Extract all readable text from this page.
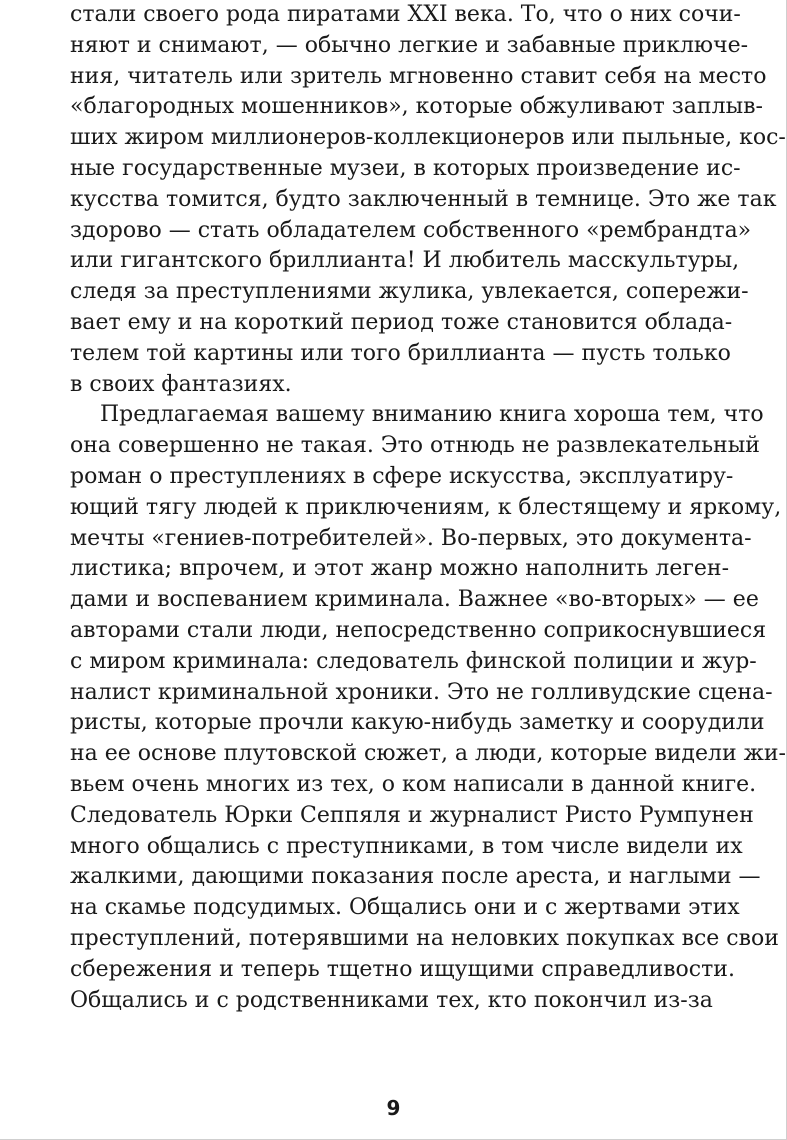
стали своего рода пиратами XXI века. То, что о них сочи-
няют и снимают, — обычно легкие и забавные приключе-
ния, читатель или зритель мгновенно ставит себя на место
«благородных мошенников», которые обжуливают заплыв-
ших жиром миллионеров-коллекционеров или пыльные, кос-
ные государственные музеи, в которых произведение ис-
кусства томится, будто заключенный в темнице. Это же так
здорово — стать обладателем собственного «рембрандта»
или гигантского бриллианта! И любитель масскультуры,
следя за преступлениями жулика, увлекается, сопережи-
вает ему и на короткий период тоже становится облада-
телем той картины или того бриллианта — пусть только
в своих фантазиях.
Предлагаемая вашему вниманию книга хороша тем, что
она совершенно не такая. Это отнюдь не развлекательный
роман о преступлениях в сфере искусства, эксплуатиру-
ющий тягу людей к приключениям, к блестящему и яркому,
мечты «гениев-потребителей». Во-первых, это документа-
листика; впрочем, и этот жанр можно наполнить леген-
дами и воспеванием криминала. Важнее «во-вторых» — ее
авторами стали люди, непосредственно соприкоснувшиеся
с миром криминала: следователь финской полиции и жур-
налист криминальной хроники. Это не голливудские сцена-
ристы, которые прочли какую-нибудь заметку и соорудили
на ее основе плутовской сюжет, а люди, которые видели жи-
вьем очень многих из тех, о ком написали в данной книге.
Следователь Юрки Сеппяля и журналист Ристо Румпунен
много общались с преступниками, в том числе видели их
жалкими, дающими показания после ареста, и наглыми —
на скамье подсудимых. Общались они и с жертвами этих
преступлений, потерявшими на неловких покупках все свои
сбережения и теперь тщетно ищущими справедливости.
Общались и с родственниками тех, кто покончил из-за
9
